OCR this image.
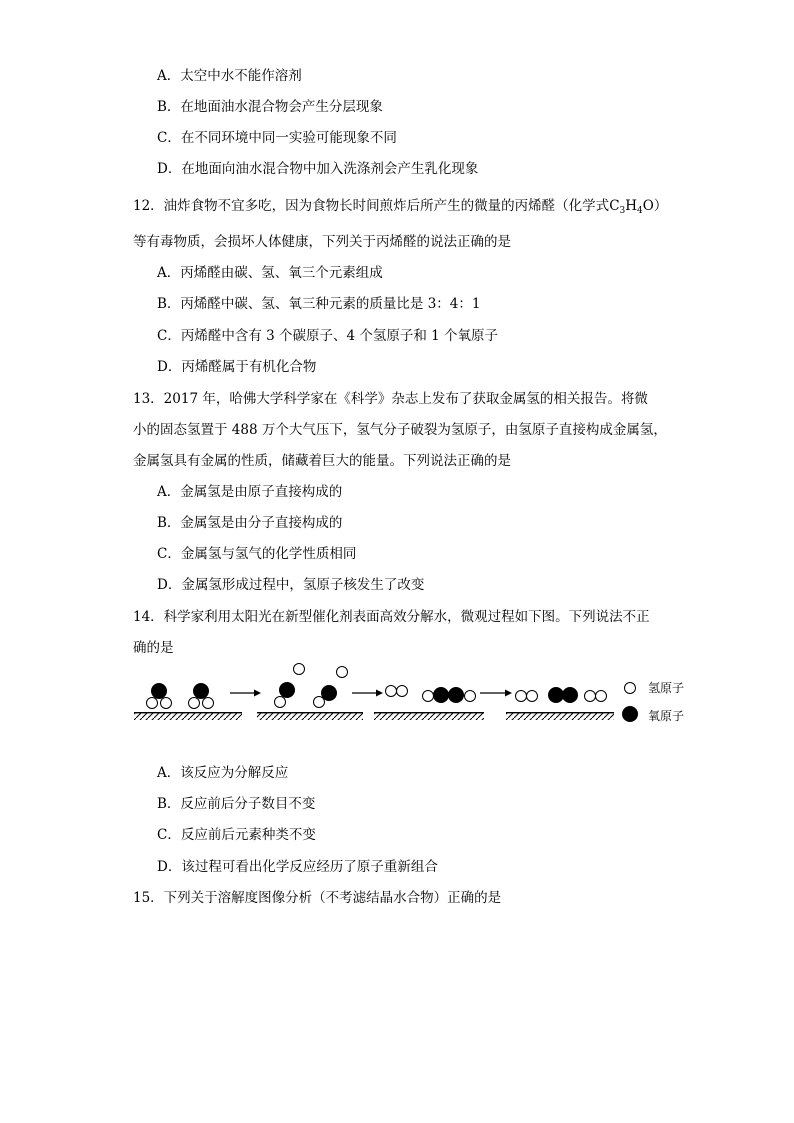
A．太空中水不能作溶剂
B．在地面油水混合物会产生分层现象
C．在不同环境中同一实验可能现象不同
D．在地面向油水混合物中加入洗涤剂会产生乳化现象
12．油炸食物不宜多吃，因为食物长时间煎炸后所产生的微量的丙烯醛（化学式$C_3H_4O$）
等有毒物质，会损坏人体健康，下列关于丙烯醛的说法正确的是
A．丙烯醛由碳、氢、氧三个元素组成
B．丙烯醛中碳、氢、氧三种元素的质量比是 3：4：1
C．丙烯醛中含有 3 个碳原子、4 个氢原子和 1 个氧原子
D．丙烯醛属于有机化合物
13．2017 年，哈佛大学科学家在《科学》杂志上发布了获取金属氢的相关报告。将微
小的固态氢置于 488 万个大气压下，氢气分子破裂为氢原子，由氢原子直接构成金属氢，
金属氢具有金属的性质，储藏着巨大的能量。下列说法正确的是
A．金属氢是由原子直接构成的
B．金属氢是由分子直接构成的
C．金属氢与氢气的化学性质相同
D．金属氢形成过程中，氢原子核发生了改变
14．科学家利用太阳光在新型催化剂表面高效分解水，微观过程如下图。下列说法不正
确的是
氢原子
氧原子
A．该反应为分解反应
B．反应前后分子数目不变
C．反应前后元素种类不变
D．该过程可看出化学反应经历了原子重新组合
15．下列关于溶解度图像分析（不考滤结晶水合物）正确的是
